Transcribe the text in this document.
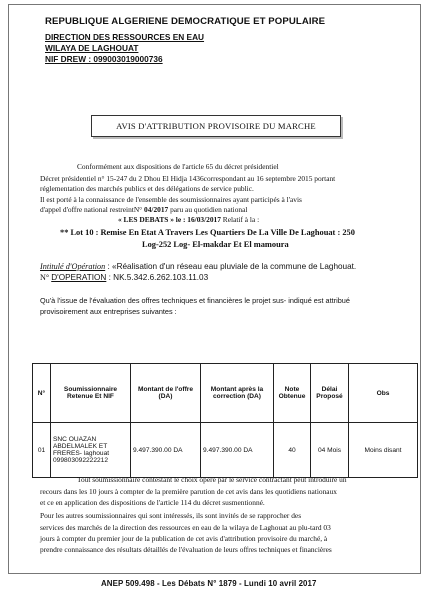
REPUBLIQUE ALGERIENE DEMOCRATIQUE ET POPULAIRE
DIRECTION DES RESSOURCES EN EAU
WILAYA DE LAGHOUAT
NIF DREW : 099003019000736
AVIS D'ATTRIBUTION PROVISOIRE DU MARCHE
Conformément aux dispositions de l'article 65 du décret présidentiel
Décret présidentiel n° 15-247 du 2 Dhou El Hidja 1436correspondant au 16 septembre 2015 portant
réglementation des marchés publics et des délégations de service public.
Il est porté à la connaissance de l'ensemble des soumissionnaires ayant participés à l'avis
d'appel d'offre national restreintN° 04/2017 paru au quotidien national
« LES DEBATS » le : 16/03/2017 Relatif à la :
** Lot 10 : Remise En Etat A Travers Les Quartiers De La Ville De Laghouat : 250
Log-252 Log- El-makdar Et El mamoura
Intitulé d'Opération : «Réalisation d'un réseau eau pluviale de la commune de Laghouat.
N° D'OPERATION : NK.5.342.6.262.103.11.03
Qu'à l'issue de l'évaluation des offres techniques et financières le projet sus- indiqué est attribué
provisoirement aux entreprises suivantes :
N°	Soumissionnaire Retenue Et NIF	Montant de l'offre (DA)	Montant après la correction (DA)	Note Obtenue	Délai Proposé	Obs
01	SNC OUAZAN ABDELMALEK ET FRERES- laghouat 099803092222212	9.497.390.00 DA	9.497.390.00 DA	40	04 Mois	Moins disant
Tout soumissionnaire contestant le choix opéré par le service contractant peut introduire un
recours dans les 10 jours à compter de la première parution de cet avis dans les quotidiens nationaux
et ce en application des dispositions de l'article 114 du décret susmentionné.
Pour les autres soumissionnaires qui sont intéressés, ils sont invités de se rapprocher des
services des marchés de la direction des ressources en eau de la wilaya de Laghouat au plu-tard 03
jours à compter du premier jour de la publication de cet avis d'attribution provisoire du marché, à
prendre connaissance des résultats détaillés de l'évaluation de leurs offres techniques et financières
ANEP 509.498 - Les Débats N° 1879 - Lundi 10 avril 2017
